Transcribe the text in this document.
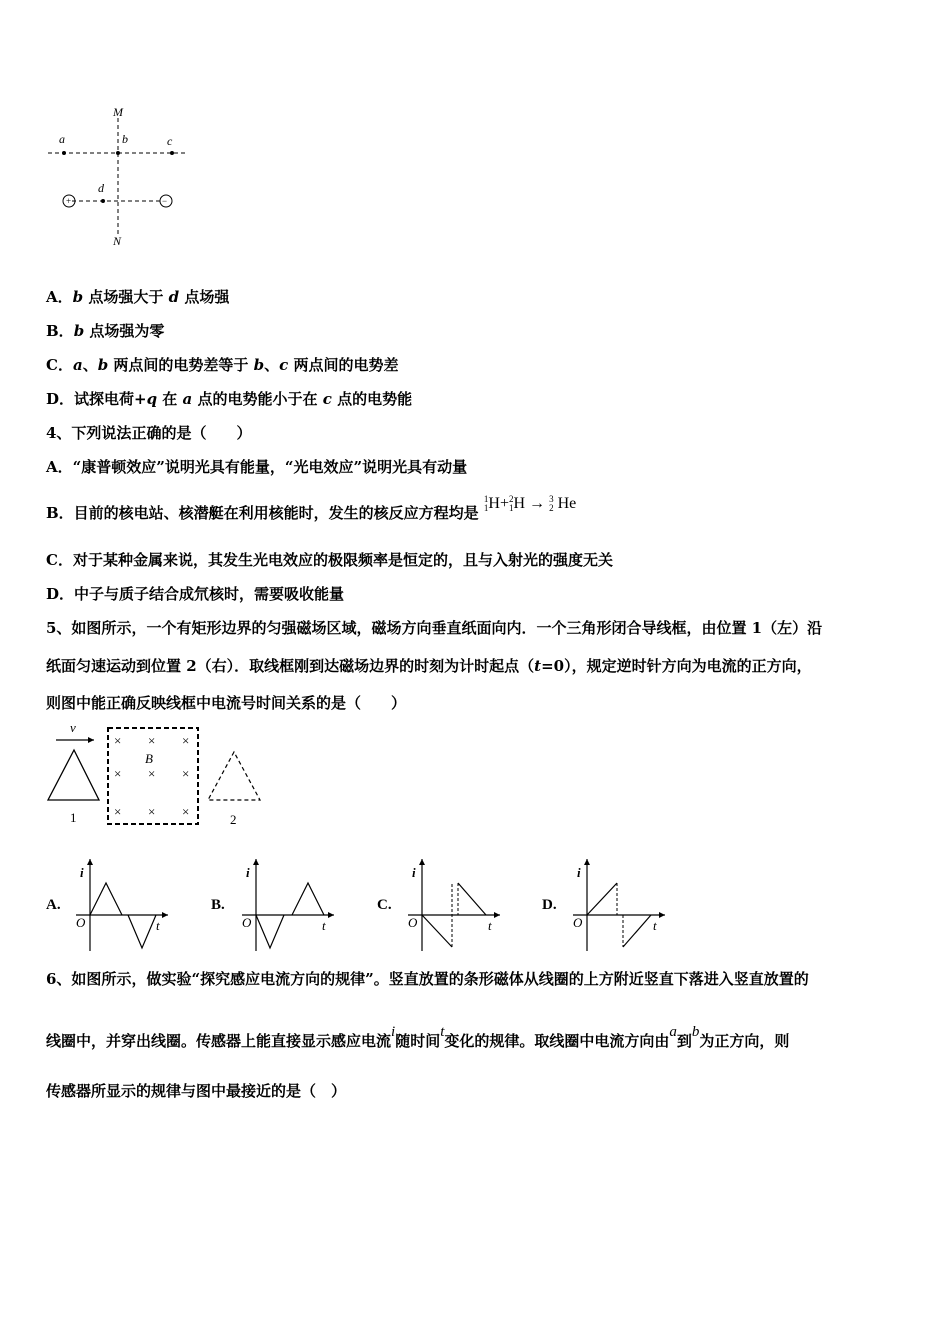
+	−
M
N
a	b	c
d
A．b 点场强大于 d 点场强
B．b 点场强为零
C．a、b 两点间的电势差等于 b、c 两点间的电势差
D．试探电荷+q 在 a 点的电势能小于在 c 点的电势能
4、下列说法正确的是（　　）
A．“康普顿效应”说明光具有能量，“光电效应”说明光具有动量
B．目前的核电站、核潜艇在利用核能时，发生的核反应方程均是
1
1 H+ 2
1 H → 3
2 He
C．对于某种金属来说，其发生光电效应的极限频率是恒定的，且与入射光的强度无关
D．中子与质子结合成氘核时，需要吸收能量
5、如图所示，一个有矩形边界的匀强磁场区域，磁场方向垂直纸面向内．一个三角形闭合导线框，由位置 1（左）沿
纸面匀速运动到位置 2（右）．取线框刚到达磁场边界的时刻为计时起点（t=0），规定逆时针方向为电流的正方向，
则图中能正确反映线框中电流号时间关系的是（　　）
v
1
× × ×
B
× × ×
× × ×
2
A.
i
t
O
B.
i
t
O
C.
i
t
O
D.
i
t
O
6、如图所示，做实验“探究感应电流方向的规律”。竖直放置的条形磁体从线圈的上方附近竖直下落进入竖直放置的
线圈中，并穿出线圈。传感器上能直接显示感应电流i随时间t变化的规律。取线圈中电流方向由a到b为正方向，则
传感器所显示的规律与图中最接近的是（　）
